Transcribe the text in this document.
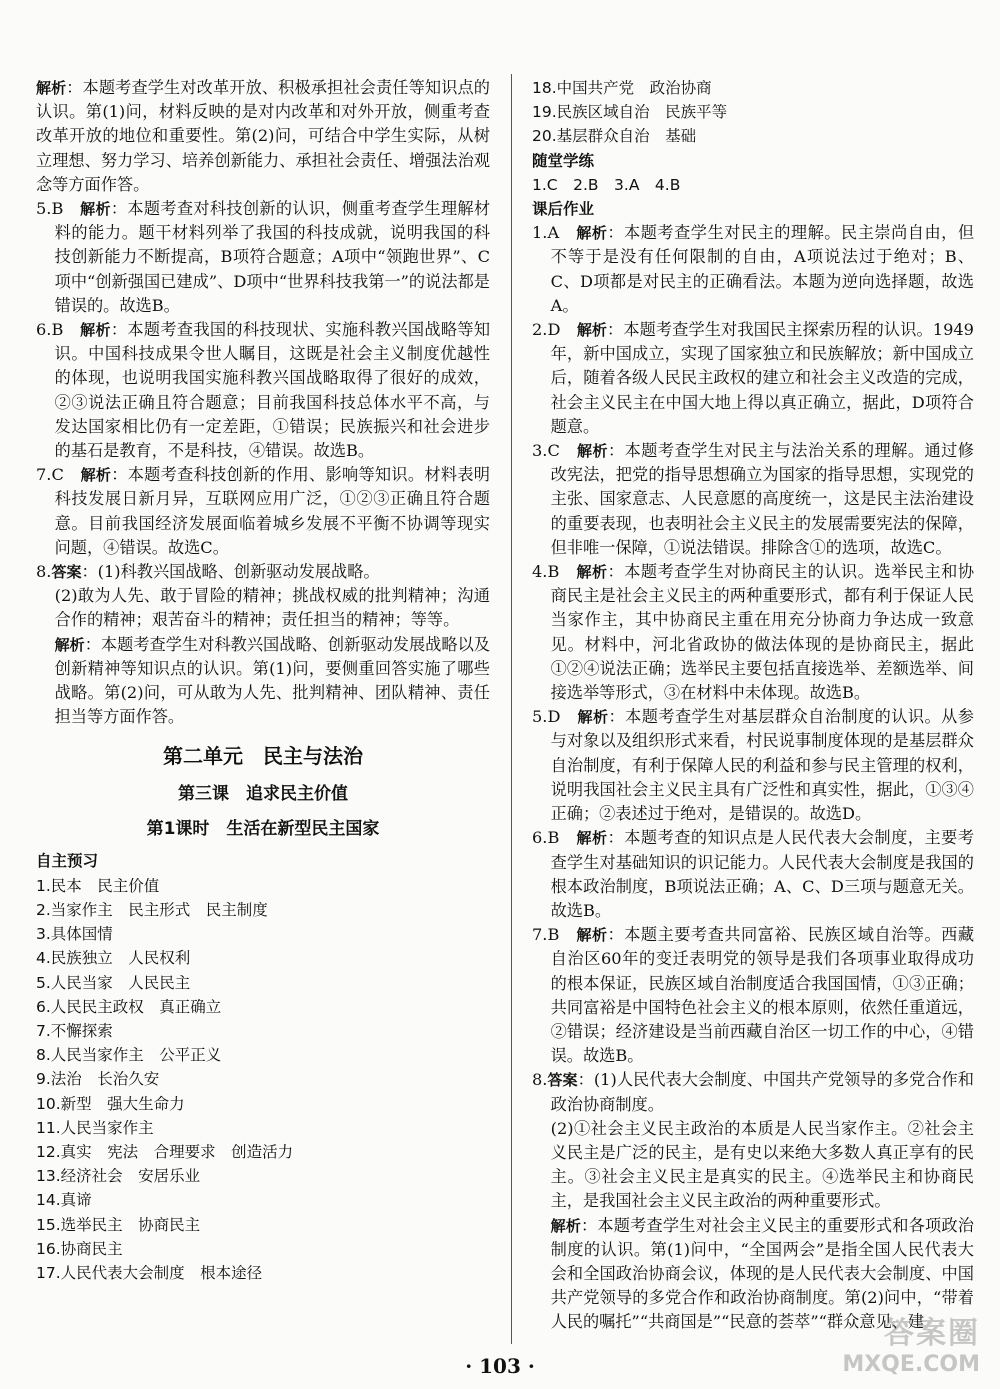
解析：本题考查学生对改革开放、积极承担社会责任等知识点的认识。第(1)问，材料反映的是对内改革和对外开放，侧重考查改革开放的地位和重要性。第(2)问，可结合中学生实际，从树立理想、努力学习、培养创新能力、承担社会责任、增强法治观念等方面作答。

5.B　 解析：本题考查对科技创新的认识，侧重考查学生理解材料的能力。题干材料列举了我国的科技成就，说明我国的科技创新能力不断提高，B项符合题意；A项中“领跑世界”、C项中“创新强国已建成”、D项中“世界科技我第一”的说法都是错误的。故选B。

6.B　 解析：本题考查我国的科技现状、实施科教兴国战略等知识。中国科技成果令世人瞩目，这既是社会主义制度优越性的体现，也说明我国实施科教兴国战略取得了很好的成效，②③说法正确且符合题意；目前我国科技总体水平不高，与发达国家相比仍有一定差距，①错误；民族振兴和社会进步的基石是教育，不是科技，④错误。故选B。

7.C　 解析：本题考查科技创新的作用、影响等知识。材料表明科技发展日新月异，互联网应用广泛，①②③正确且符合题意。目前我国经济发展面临着城乡发展不平衡不协调等现实问题，④错误。故选C。

8.答案：(1)科教兴国战略、创新驱动发展战略。

(2)敢为人先、敢于冒险的精神；挑战权威的批判精神；沟通合作的精神；艰苦奋斗的精神；责任担当的精神；等等。

解析：本题考查学生对科教兴国战略、创新驱动发展战略以及创新精神等知识点的认识。第(1)问，要侧重回答实施了哪些战略。第(2)问，可从敢为人先、批判精神、团队精神、责任担当等方面作答。

第二单元　民主与法治

第三课　追求民主价值

第1课时　生活在新型民主国家

自主预习

1.民本　民主价值

2.当家作主　民主形式　民主制度

3.具体国情

4.民族独立　人民权利

5.人民当家　人民民主

6.人民民主政权　真正确立

7.不懈探索

8.人民当家作主　公平正义

9.法治　长治久安

10.新型　强大生命力

11.人民当家作主

12.真实　宪法　合理要求　创造活力

13.经济社会　安居乐业

14.真谛

15.选举民主　协商民主

16.协商民主

17.人民代表大会制度　根本途径

18.中国共产党　政治协商

19.民族区域自治　民族平等

20.基层群众自治　基础

随堂学练

1.C　2.B　3.A　4.B

课后作业

1.A　 解析：本题考查学生对民主的理解。民主崇尚自由，但不等于是没有任何限制的自由，A项说法过于绝对；B、C、D项都是对民主的正确看法。本题为逆向选择题，故选A。

2.D　 解析：本题考查学生对我国民主探索历程的认识。1949年，新中国成立，实现了国家独立和民族解放；新中国成立后，随着各级人民民主政权的建立和社会主义改造的完成，社会主义民主在中国大地上得以真正确立，据此，D项符合题意。

3.C　 解析：本题考查学生对民主与法治关系的理解。通过修改宪法，把党的指导思想确立为国家的指导思想，实现党的主张、国家意志、人民意愿的高度统一，这是民主法治建设的重要表现，也表明社会主义民主的发展需要宪法的保障，但非唯一保障，①说法错误。排除含①的选项，故选C。

4.B　 解析：本题考查学生对协商民主的认识。选举民主和协商民主是社会主义民主的两种重要形式，都有利于保证人民当家作主，其中协商民主重在用充分协商力争达成一致意见。材料中，河北省政协的做法体现的是协商民主，据此①②④说法正确；选举民主要包括直接选举、差额选举、间接选举等形式，③在材料中未体现。故选B。

5.D　 解析：本题考查学生对基层群众自治制度的认识。从参与对象以及组织形式来看，村民说事制度体现的是基层群众自治制度，有利于保障人民的利益和参与民主管理的权利，说明我国社会主义民主具有广泛性和真实性，据此，①③④正确；②表述过于绝对，是错误的。故选D。

6.B　 解析：本题考查的知识点是人民代表大会制度，主要考查学生对基础知识的识记能力。人民代表大会制度是我国的根本政治制度，B项说法正确；A、C、D三项与题意无关。故选B。

7.B　 解析：本题主要考查共同富裕、民族区域自治等。西藏自治区60年的变迁表明党的领导是我们各项事业取得成功的根本保证，民族区域自治制度适合我国国情，①③正确；共同富裕是中国特色社会主义的根本原则，依然任重道远，②错误；经济建设是当前西藏自治区一切工作的中心，④错误。故选B。

8.答案：(1)人民代表大会制度、中国共产党领导的多党合作和政治协商制度。

(2)①社会主义民主政治的本质是人民当家作主。②社会主义民主是广泛的民主，是有史以来绝大多数人真正享有的民主。③社会主义民主是真实的民主。④选举民主和协商民主，是我国社会主义民主政治的两种重要形式。

解析：本题考查学生对社会主义民主的重要形式和各项政治制度的认识。第(1)问中，“全国两会”是指全国人民代表大会和全国政治协商会议，体现的是人民代表大会制度、中国共产党领导的多党合作和政治协商制度。第(2)问中，“带着人民的嘱托”“共商国是”“民意的荟萃”“群众意见、建

· 103 ·
答案圈
MXQE.COM
